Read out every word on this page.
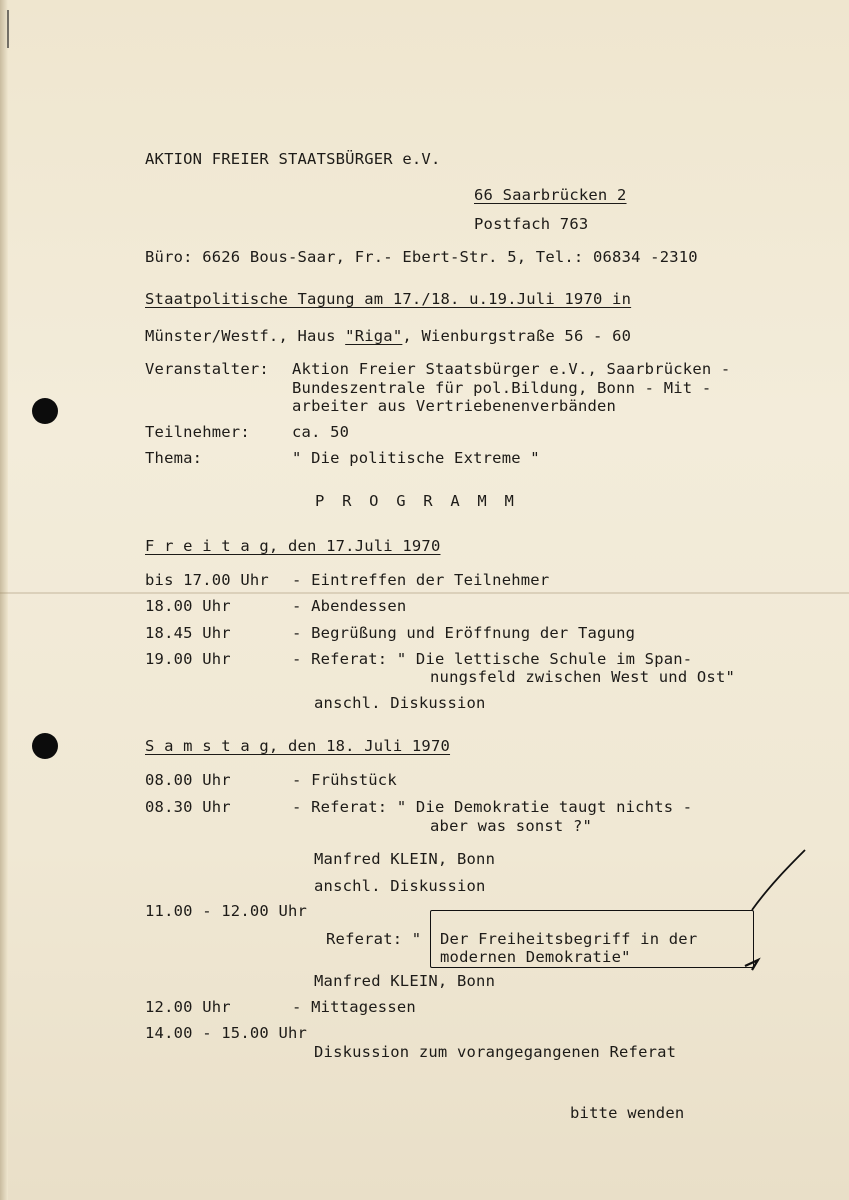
AKTION FREIER STAATSBÜRGER e.V.
66 Saarbrücken 2
Postfach 763
Büro: 6626 Bous-Saar, Fr.- Ebert-Str. 5, Tel.: 06834 -2310
Staatpolitische Tagung am 17./18. u.19.Juli 1970 in
Münster/Westf., Haus "Riga", Wienburgstraße 56 - 60
Veranstalter: Aktion Freier Staatsbürger e.V., Saarbrücken -
Bundeszentrale für pol.Bildung, Bonn - Mit -
arbeiter aus Vertriebenenverbänden
Teilnehmer:	ca. 50
Thema:	" Die politische Extreme "
P R O G R A M M
F r e i t a g, den 17.Juli 1970
bis 17.00 Uhr - Eintreffen der Teilnehmer
18.00 Uhr	- Abendessen
18.45 Uhr	- Begrüßung und Eröffnung der Tagung
19.00 Uhr	- Referat: " Die lettische Schule im Span-
nungsfeld zwischen West und Ost"
anschl. Diskussion
S a m s t a g, den 18. Juli 1970
08.00 Uhr	- Frühstück
08.30 Uhr	- Referat: " Die Demokratie taugt nichts -
aber was sonst ?"
Manfred KLEIN, Bonn
anschl. Diskussion
11.00 - 12.00 Uhr
Referat: " Der Freiheitsbegriff in der
modernen Demokratie"
Manfred KLEIN, Bonn
12.00 Uhr	- Mittagessen
14.00 - 15.00 Uhr
Diskussion zum vorangegangenen Referat
bitte wenden
